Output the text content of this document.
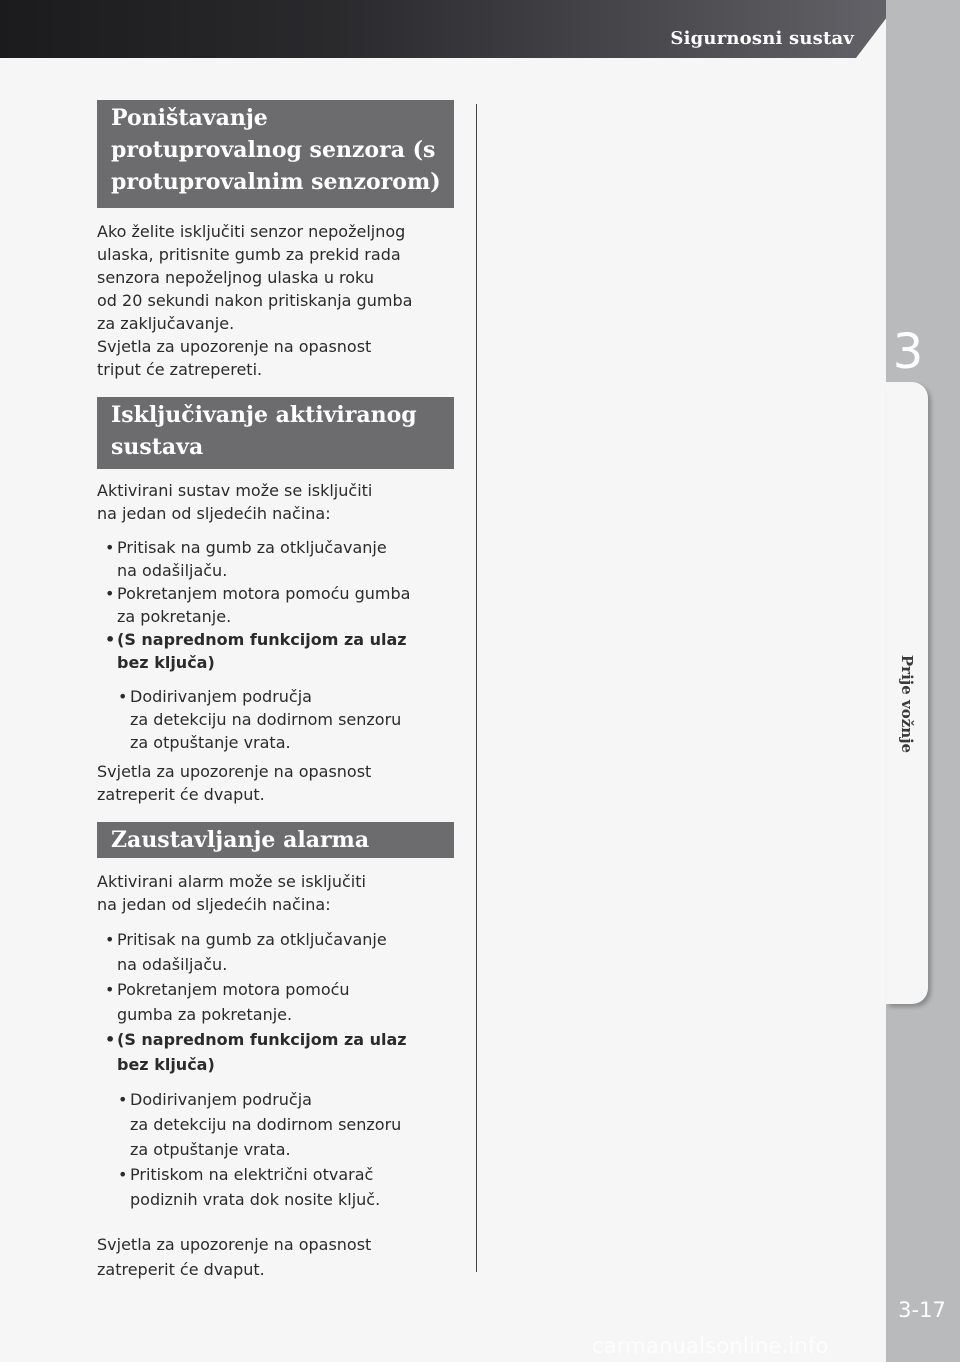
Sigurnosni sustav
3
Prije vožnje
3-17
carmanualsonline.info
Poništavanje protuprovalnog senzora (s protuprovalnim senzorom)

Ako želite isključiti senzor nepoželjnog
ulaska, pritisnite gumb za prekid rada
senzora nepoželjnog ulaska u roku
od 20 sekundi nakon pritiskanja gumba
za zaključavanje.
Svjetla za upozorenje na opasnost
triput će zatrepereti.

Isključivanje aktiviranog sustava

Aktivirani sustav može se isključiti
na jedan od sljedećih načina:

• Pritisak na gumb za otključavanje
na odašiljaču.
• Pokretanjem motora pomoću gumba
za pokretanje.
• (S naprednom funkcijom za ulaz
bez ključa)
• Dodirivanjem područja
za detekciju na dodirnom senzoru
za otpuštanje vrata.

Svjetla za upozorenje na opasnost
zatreperit će dvaput.

Zaustavljanje alarma

Aktivirani alarm može se isključiti
na jedan od sljedećih načina:

• Pritisak na gumb za otključavanje
na odašiljaču.
• Pokretanjem motora pomoću
gumba za pokretanje.
• (S naprednom funkcijom za ulaz
bez ključa)
• Dodirivanjem područja
za detekciju na dodirnom senzoru
za otpuštanje vrata.
• Pritiskom na električni otvarač
podiznih vrata dok nosite ključ.

Svjetla za upozorenje na opasnost
zatreperit će dvaput.
